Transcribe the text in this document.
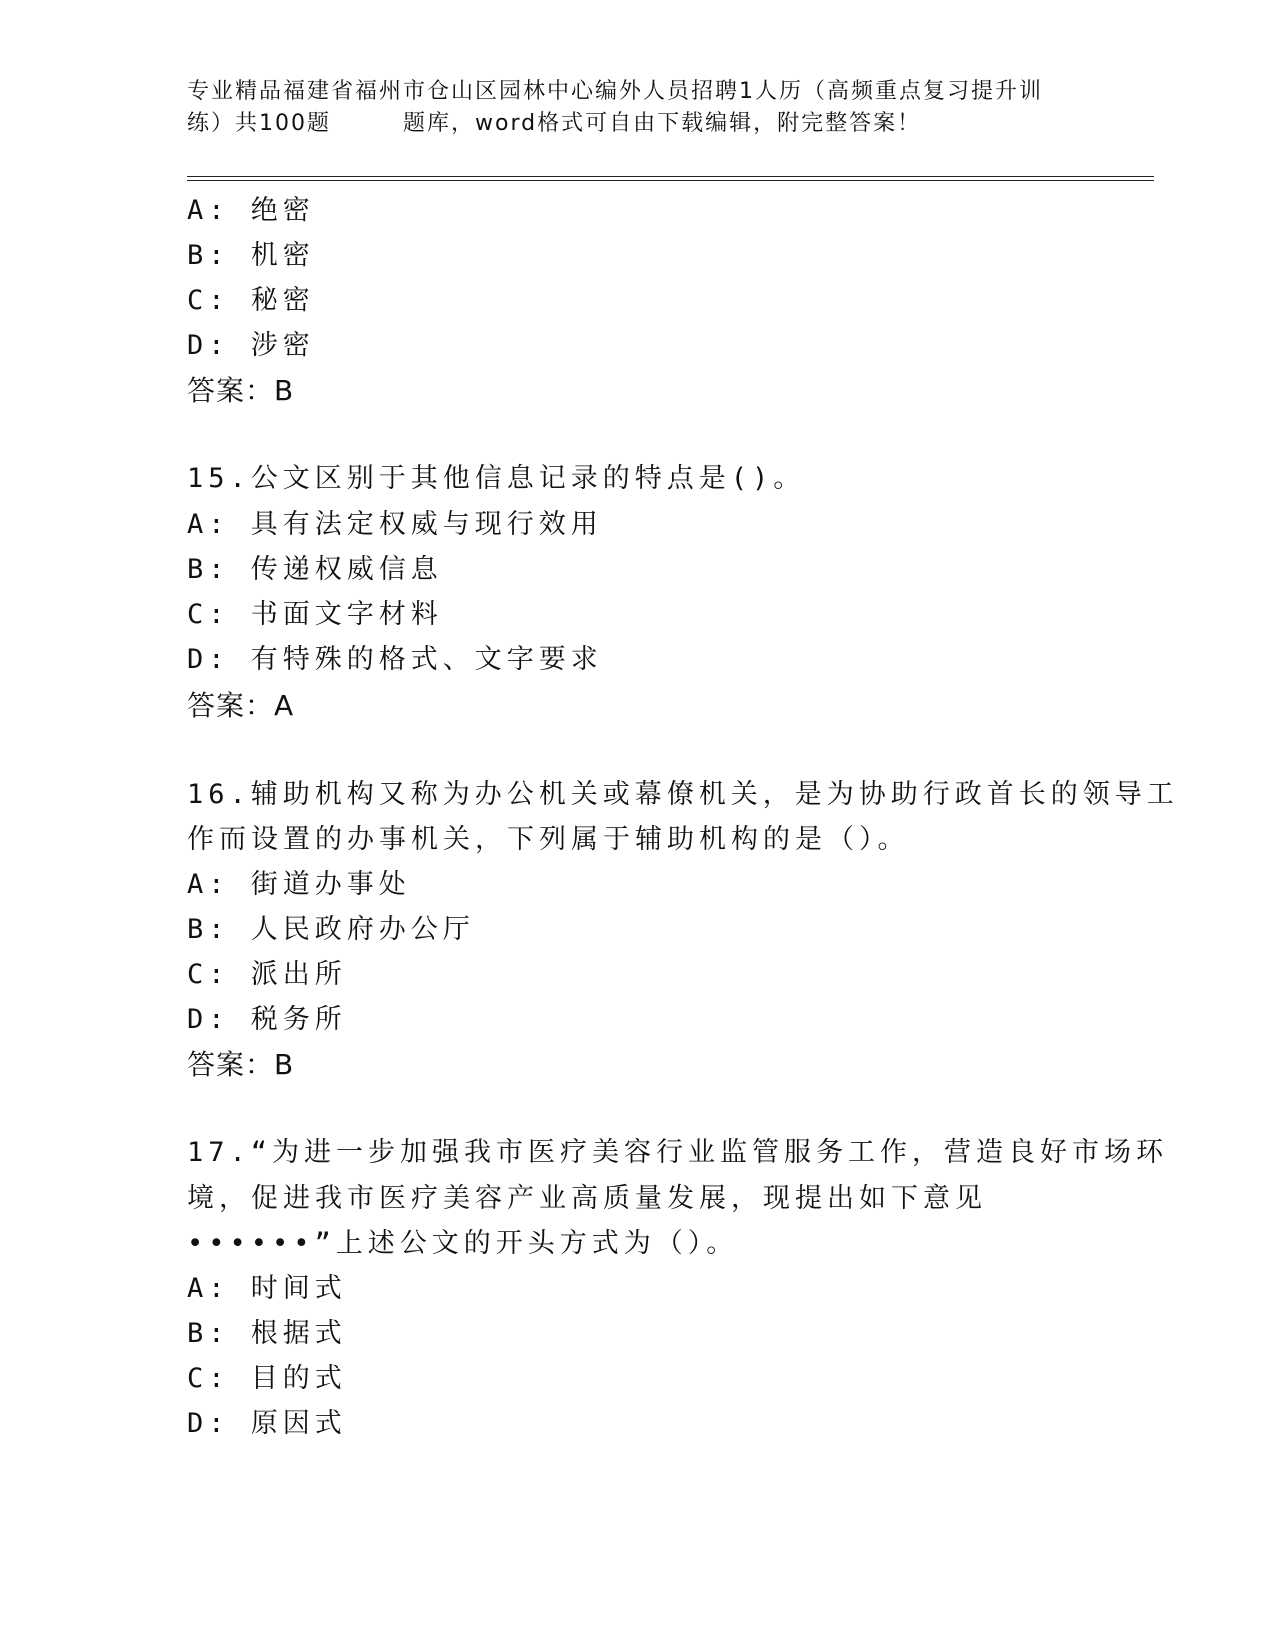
专业精品福建省福州市仓山区园林中心编外人员招聘1人历（高频重点复习提升训
练）共100题	题库，word格式可自由下载编辑，附完整答案！
A: 绝密
B: 机密
C: 秘密
D: 涉密
答案：B
15.公文区别于其他信息记录的特点是()。
A: 具有法定权威与现行效用
B: 传递权威信息
C: 书面文字材料
D: 有特殊的格式、文字要求
答案：A
16.辅助机构又称为办公机关或幕僚机关，是为协助行政首长的领导工
作而设置的办事机关，下列属于辅助机构的是（）。
A: 街道办事处
B: 人民政府办公厅
C: 派出所
D: 税务所
答案：B
17.“为进一步加强我市医疗美容行业监管服务工作，营造良好市场环
境，促进我市医疗美容产业高质量发展，现提出如下意见
••••••”上述公文的开头方式为（）。
A: 时间式
B: 根据式
C: 目的式
D: 原因式
